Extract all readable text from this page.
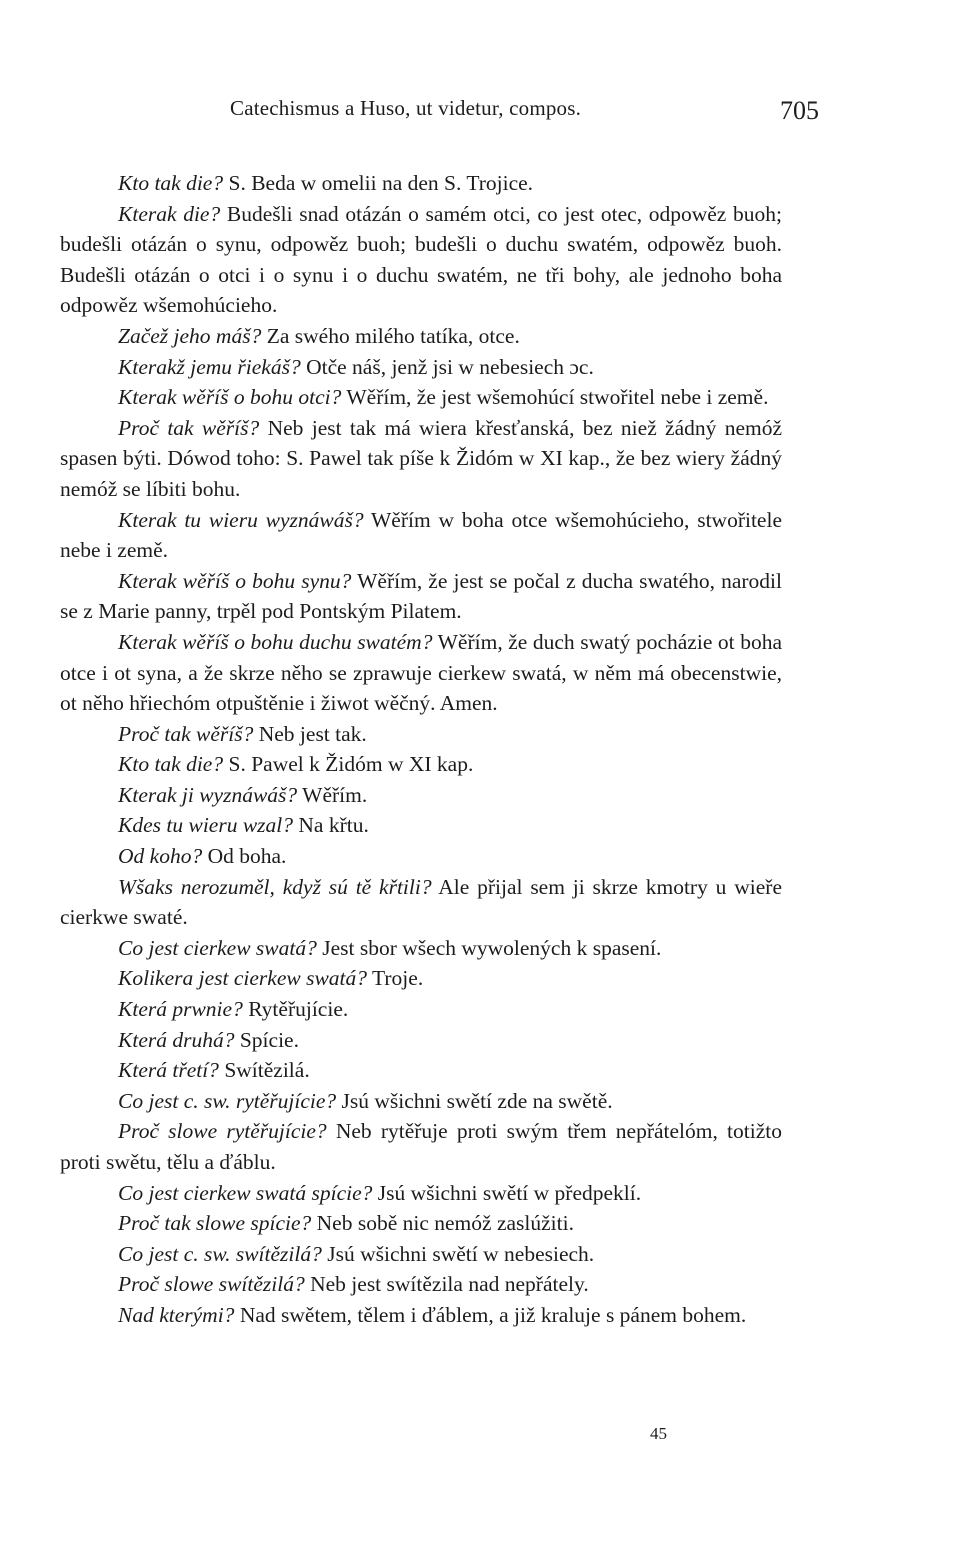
Catechismus a Huso, ut videtur, compos.	705

Kto tak die? S. Beda w omelii na den S. Trojice.

Kterak die? Budešli snad otázán o samém otci, co jest otec, odpowěz buoh; budešli otázán o synu, odpowěz buoh; budešli o duchu swatém, odpowěz buoh. Budešli otázán o otci i o synu i o duchu swatém, ne tři bohy, ale jednoho boha odpowěz wšemohúcieho.

Začež jeho máš? Za swého milého tatíka, otce.

Kterakž jemu řiekáš? Otče náš, jenž jsi w nebesiech ɔc.

Kterak wěříš o bohu otci? Wěřím, že jest wšemohúcí stwořitel nebe i země.

Proč tak wěříš? Neb jest tak má wiera křesťanská, bez niež žádný nemóž spasen býti. Dówod toho: S. Pawel tak píše k Židóm w XI kap., že bez wiery žádný nemóž se líbiti bohu.

Kterak tu wieru wyznáwáš? Wěřím w boha otce wšemohúcieho, stwořitele nebe i země.

Kterak wěříš o bohu synu? Wěřím, že jest se počal z ducha swatého, narodil se z Marie panny, trpěl pod Pontským Pilatem.

Kterak wěříš o bohu duchu swatém? Wěřím, že duch swatý pocházie ot boha otce i ot syna, a že skrze něho se zprawuje cierkew swatá, w něm má obecenstwie, ot něho hřiechóm otpuštěnie i žiwot wěčný. Amen.

Proč tak wěříš? Neb jest tak.

Kto tak die? S. Pawel k Židóm w XI kap.

Kterak ji wyznáwáš? Wěřím.

Kdes tu wieru wzal? Na křtu.

Od koho? Od boha.

Wšaks nerozuměl, když sú tě křtili? Ale přijal sem ji skrze kmotry u wieře cierkwe swaté.

Co jest cierkew swatá? Jest sbor wšech wywolených k spasení.

Kolikera jest cierkew swatá? Troje.

Která prwnie? Rytěřujície.

Která druhá? Spície.

Která třetí? Swítězilá.

Co jest c. sw. rytěřujície? Jsú wšichni swětí zde na swětě.

Proč slowe rytěřujície? Neb rytěřuje proti swým třem nepřátelóm, totižto proti swětu, tělu a ďáblu.

Co jest cierkew swatá spície? Jsú wšichni swětí w předpeklí.

Proč tak slowe spície? Neb sobě nic nemóž zaslúžiti.

Co jest c. sw. swítězilá? Jsú wšichni swětí w nebesiech.

Proč slowe swítězilá? Neb jest swítězila nad nepřátely.

Nad kterými? Nad swětem, tělem i ďáblem, a již kraluje s pánem bohem.

45
